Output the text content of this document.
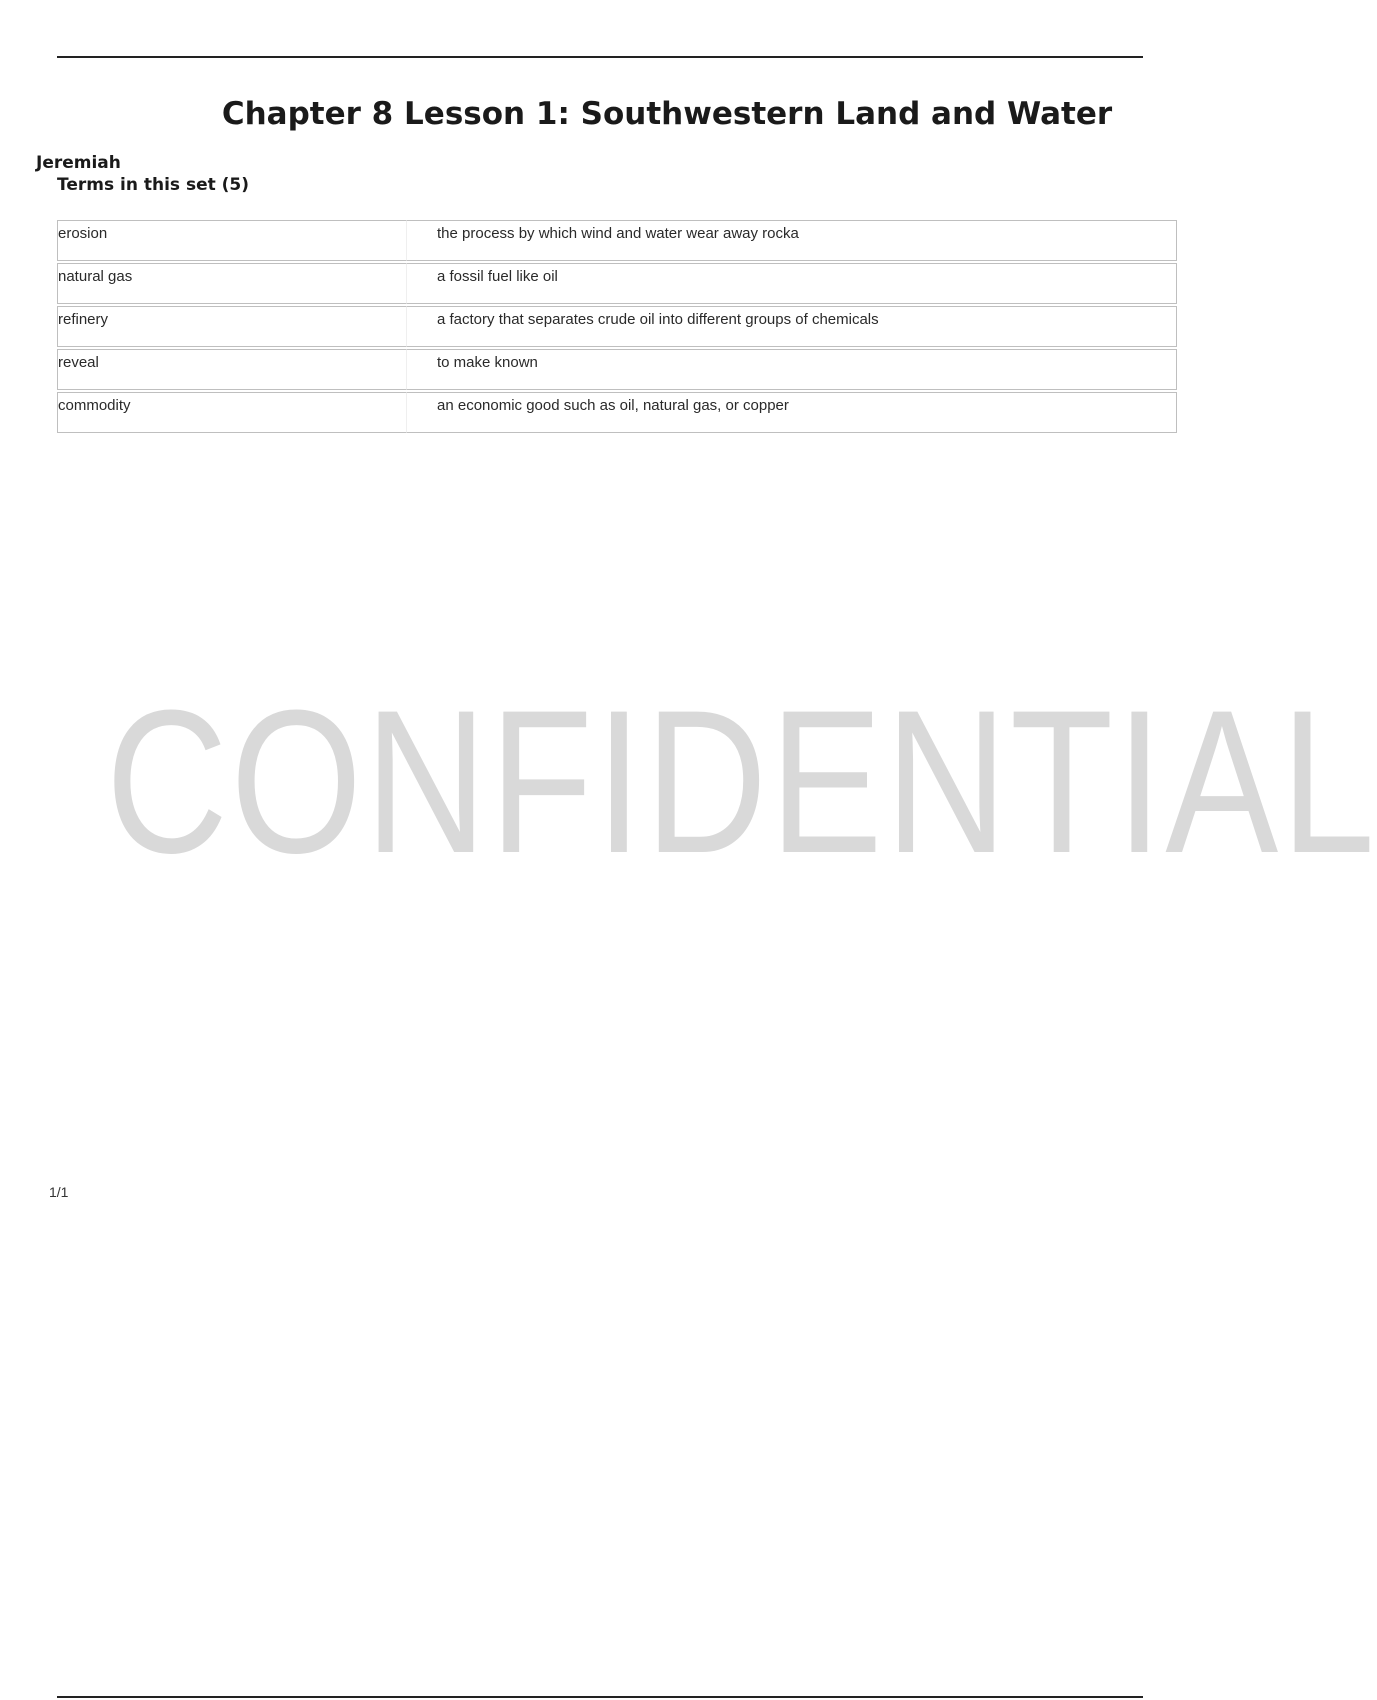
Chapter 8 Lesson 1: Southwestern Land and Water
Jeremiah
Terms in this set (5)
erosion	the process by which wind and water wear away rocka
natural gas	a fossil fuel like oil
refinery	a factory that separates crude oil into different groups of chemicals
reveal	to make known
commodity	an economic good such as oil, natural gas, or copper
CONFIDENTIAL
1/1
